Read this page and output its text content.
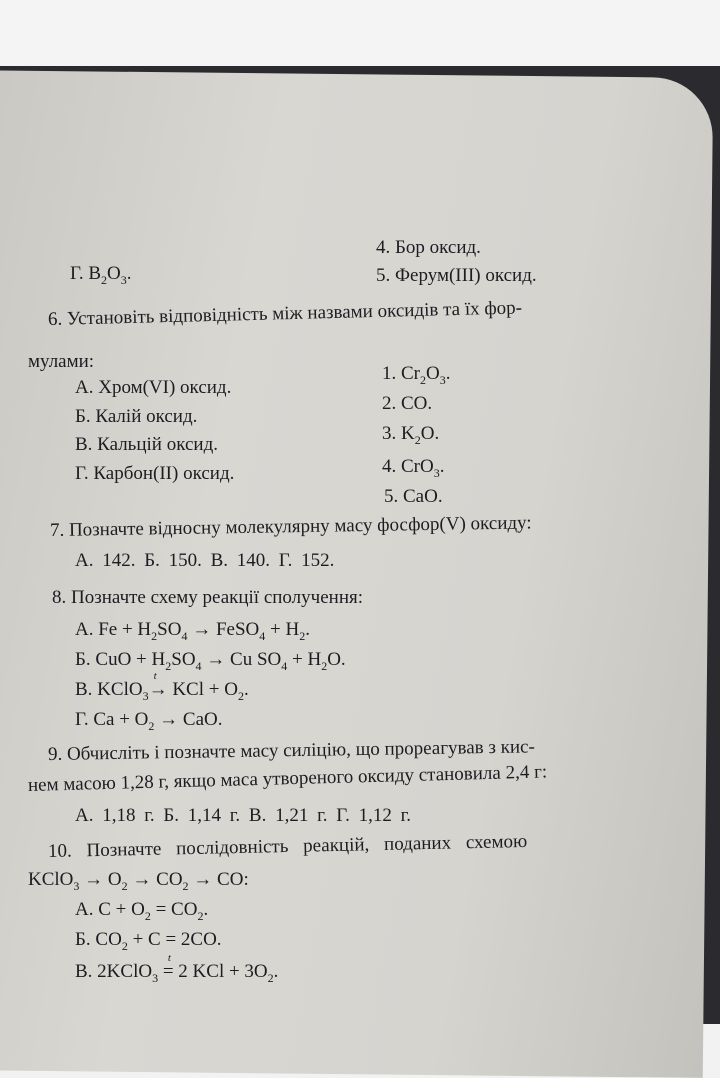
4. Бор оксид.
Г. $B_2O_3$.	5. Ферум(III) оксид.
6. Установіть відповідність між назвами оксидів та їх фор-
мулами:
А. Хром(VI) оксид.
Б. Калій оксид.
В. Кальцій оксид.
Г. Карбон(II) оксид.
1. $Cr_2O_3$.
2. CO.
3. $K_2O$.
4. CrO$_3$.
5. CaO.
7. Позначте відносну молекулярну масу фосфор(V) оксиду:
А. 142. Б. 150. В. 140. Г. 152.
8. Позначте схему реакції сполучення:
А. $Fe + H_2SO_4$ → FeSO$_4$ + $H_2$.
Б. CuO + $H_2SO_4 \to Cu$ $SO_4 + H_2O$.
В. KClO$_3$
t
→ KCl + $O_2$.
Г. $Ca + O_2$ → CaO.
9. Обчисліть і позначте масу силіцію, що прореагував з кис-
нем масою 1,28 г, якщо маса утвореного оксиду становила 2,4 г:
А. 1,18 г. Б. 1,14 г. В. 1,21 г. Г. 1,12 г.
10. Позначте послідовність реакцій, поданих схемою
KClO$_3$ → $O_2 \to CO_2$ → CO:
А. $C + O_2 = CO_2$.
Б. $CO_2 + C = 2CO$.
В. 2KClO$_3$
t
= 2 KCl + $3O_2$.
